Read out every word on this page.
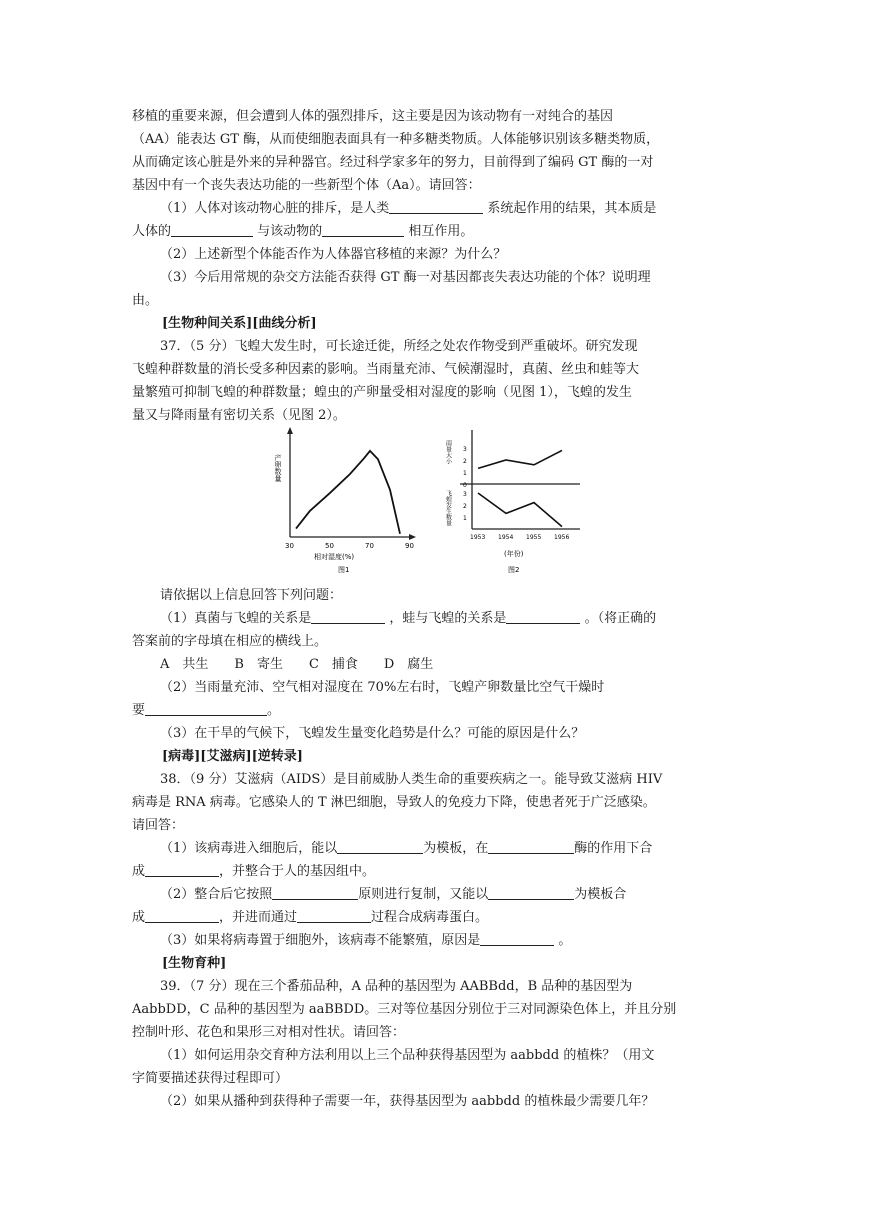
移植的重要来源，但会遭到人体的强烈排斥，这主要是因为该动物有一对纯合的基因
（AA）能表达 GT 酶，从而使细胞表面具有一种多糖类物质。人体能够识别该多糖类物质，
从而确定该心脏是外来的异种器官。经过科学家多年的努力，目前得到了编码 GT 酶的一对
基因中有一个丧失表达功能的一些新型个体（Aa）。请回答：
（1）人体对该动物心脏的排斥，是人类	系统起作用的结果，其本质是
人体的	与该动物的	相互作用。
（2）上述新型个体能否作为人体器官移植的来源？为什么？
（3）今后用常规的杂交方法能否获得 GT 酶一对基因都丧失表达功能的个体？说明理
由。
[生物种间关系][曲线分析]
37．（5 分）飞蝗大发生时，可长途迁徙，所经之处农作物受到严重破坏。研究发现
飞蝗种群数量的消长受多种因素的影响。当雨量充沛、气候潮湿时，真菌、丝虫和蛙等大
量繁殖可抑制飞蝗的种群数量；蝗虫的产卵量受相对湿度的影响（见图 1），飞蝗的发生
量又与降雨量有密切关系（见图 2）。
产卵数量
30	50	70	90
相对湿度(%)
图1
雨量大小
飞蝗发生数量
0
1
2
3
1
2
3
1953 1954 1955 1956
(年份)
图2
请依据以上信息回答下列问题：
（1）真菌与飞蝗的关系是	，蛙与飞蝗的关系是	。（将正确的
答案前的字母填在相应的横线上。
A　共生　　B　寄生　　C　捕食　　D　腐生
（2）当雨量充沛、空气相对湿度在 70%左右时，飞蝗产卵数量比空气干燥时
要	。
（3）在干旱的气候下，飞蝗发生量变化趋势是什么？可能的原因是什么？
[病毒][艾滋病][逆转录]
38．（9 分）艾滋病（AIDS）是目前威胁人类生命的重要疾病之一。能导致艾滋病 HIV
病毒是 RNA 病毒。它感染人的 T 淋巴细胞，导致人的免疫力下降，使患者死于广泛感染。
请回答：
（1）该病毒进入细胞后，能以	为模板，在	酶的作用下合
成	，并整合于人的基因组中。
（2）整合后它按照	原则进行复制，又能以	为模板合
成	，并进而通过	过程合成病毒蛋白。
（3）如果将病毒置于细胞外，该病毒不能繁殖，原因是	。
[生物育种]
39．（7 分）现在三个番茄品种，A 品种的基因型为 AABBdd，B 品种的基因型为
AabbDD，C 品种的基因型为 aaBBDD。三对等位基因分别位于三对同源染色体上，并且分别
控制叶形、花色和果形三对相对性状。请回答：
（1）如何运用杂交育种方法利用以上三个品种获得基因型为 aabbdd 的植株？（用文
字简要描述获得过程即可）
（2）如果从播种到获得种子需要一年，获得基因型为 aabbdd 的植株最少需要几年？
